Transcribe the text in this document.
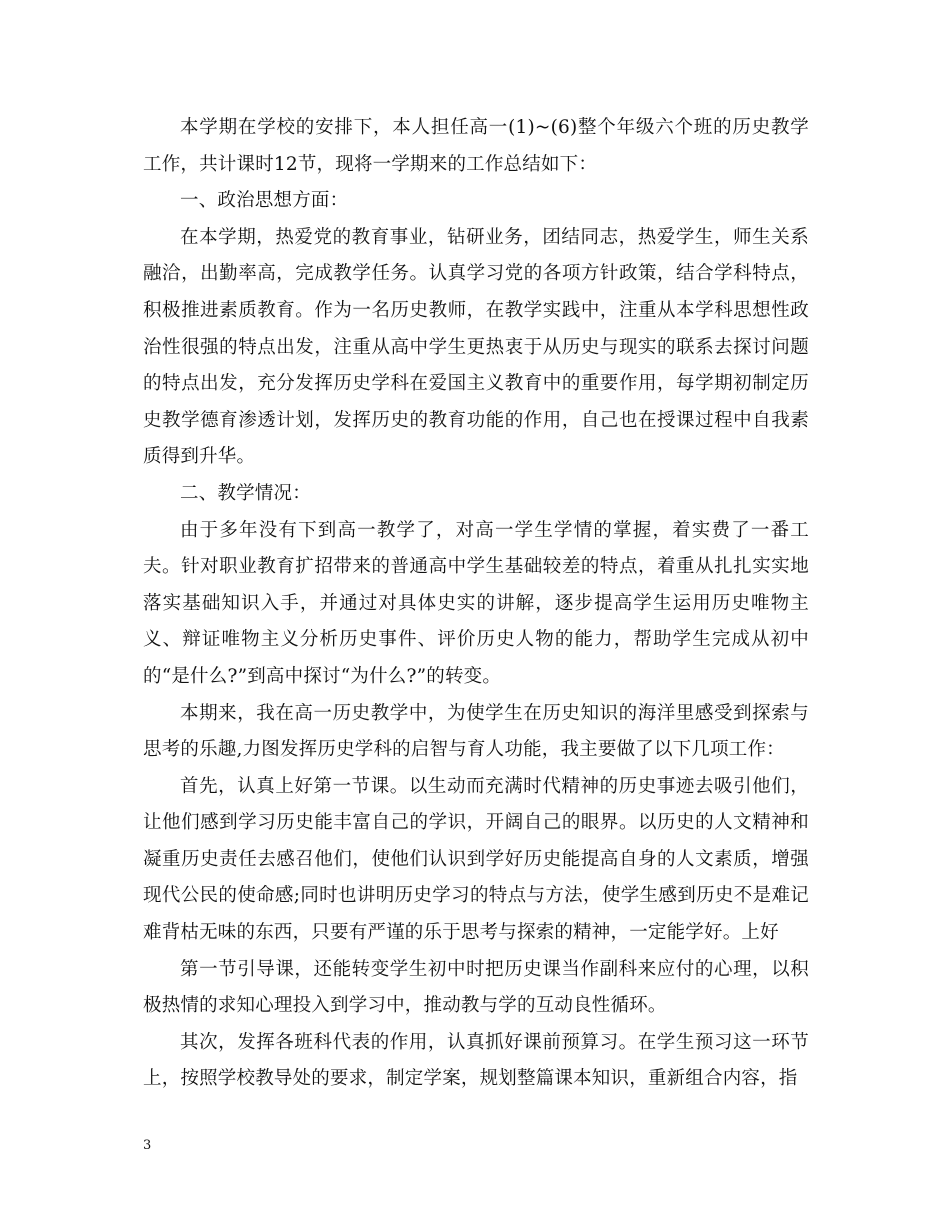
本学期在学校的安排下，本人担任高一(1)~(6)整个年级六个班的历史教学工作，共计课时12节，现将一学期来的工作总结如下：

一、政治思想方面：

在本学期，热爱党的教育事业，钻研业务，团结同志，热爱学生，师生关系融洽，出勤率高，完成教学任务。认真学习党的各项方针政策，结合学科特点，积极推进素质教育。作为一名历史教师，在教学实践中，注重从本学科思想性政治性很强的特点出发，注重从高中学生更热衷于从历史与现实的联系去探讨问题的特点出发，充分发挥历史学科在爱国主义教育中的重要作用，每学期初制定历史教学德育渗透计划，发挥历史的教育功能的作用，自己也在授课过程中自我素质得到升华。

二、教学情况：

由于多年没有下到高一教学了，对高一学生学情的掌握，着实费了一番工夫。针对职业教育扩招带来的普通高中学生基础较差的特点，着重从扎扎实实地落实基础知识入手，并通过对具体史实的讲解，逐步提高学生运用历史唯物主义、辩证唯物主义分析历史事件、评价历史人物的能力，帮助学生完成从初中的“是什么?”到高中探讨“为什么?”的转变。

本期来，我在高一历史教学中，为使学生在历史知识的海洋里感受到探索与思考的乐趣,力图发挥历史学科的启智与育人功能，我主要做了以下几项工作：

首先，认真上好第一节课。以生动而充满时代精神的历史事迹去吸引他们，让他们感到学习历史能丰富自己的学识，开阔自己的眼界。以历史的人文精神和凝重历史责任去感召他们，使他们认识到学好历史能提高自身的人文素质，增强现代公民的使命感;同时也讲明历史学习的特点与方法，使学生感到历史不是难记难背枯无味的东西，只要有严谨的乐于思考与探索的精神，一定能学好。上好

第一节引导课，还能转变学生初中时把历史课当作副科来应付的心理，以积极热情的求知心理投入到学习中，推动教与学的互动良性循环。

其次，发挥各班科代表的作用，认真抓好课前预算习。在学生预习这一环节上，按照学校教导处的要求，制定学案，规划整篇课本知识，重新组合内容，指

3
